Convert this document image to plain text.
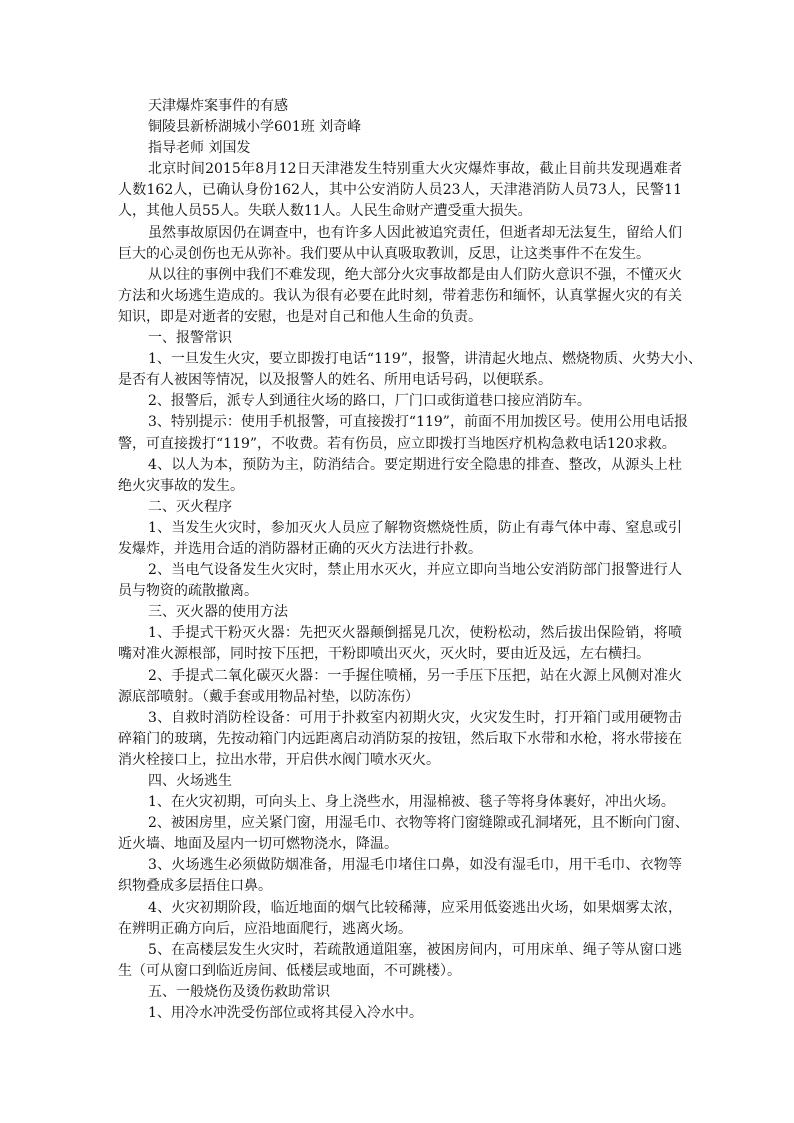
天津爆炸案事件的有感
铜陵县新桥湖城小学601班 刘奇峰
指导老师 刘国发
北京时间2015年8月12日天津港发生特别重大火灾爆炸事故，截止目前共发现遇难者
人数162人，已确认身份162人，其中公安消防人员23人，天津港消防人员73人，民警11
人，其他人员55人。失联人数11人。人民生命财产遭受重大损失。
虽然事故原因仍在调查中，也有许多人因此被追究责任，但逝者却无法复生，留给人们
巨大的心灵创伤也无从弥补。我们要从中认真吸取教训，反思，让这类事件不在发生。
从以往的事例中我们不难发现，绝大部分火灾事故都是由人们防火意识不强，不懂灭火
方法和火场逃生造成的。我认为很有必要在此时刻，带着悲伤和缅怀，认真掌握火灾的有关
知识，即是对逝者的安慰，也是对自己和他人生命的负责。
一、报警常识
1、一旦发生火灾，要立即拨打电话“119”，报警，讲清起火地点、燃烧物质、火势大小、
是否有人被困等情况，以及报警人的姓名、所用电话号码，以便联系。
2、报警后，派专人到通往火场的路口，厂门口或街道巷口接应消防车。
3、特别提示：使用手机报警，可直接拨打“119”，前面不用加拨区号。使用公用电话报
警，可直接拨打“119”，不收费。若有伤员，应立即拨打当地医疗机构急救电话120求救。
4、以人为本，预防为主，防消结合。要定期进行安全隐患的排查、整改，从源头上杜
绝火灾事故的发生。
二、灭火程序
1、当发生火灾时，参加灭火人员应了解物资燃烧性质，防止有毒气体中毒、窒息或引
发爆炸，并选用合适的消防器材正确的灭火方法进行扑救。
2、当电气设备发生火灾时，禁止用水灭火，并应立即向当地公安消防部门报警进行人
员与物资的疏散撤离。
三、灭火器的使用方法
1、手提式干粉灭火器：先把灭火器颠倒摇晃几次，使粉松动，然后拔出保险销，将喷
嘴对准火源根部，同时按下压把，干粉即喷出灭火，灭火时，要由近及远，左右横扫。
2、手提式二氧化碳灭火器：一手握住喷桶，另一手压下压把，站在火源上风侧对准火
源底部喷射。（戴手套或用物品衬垫，以防冻伤）
3、自救时消防栓设备：可用于扑救室内初期火灾，火灾发生时，打开箱门或用硬物击
碎箱门的玻璃，先按动箱门内远距离启动消防泵的按钮，然后取下水带和水枪，将水带接在
消火栓接口上，拉出水带，开启供水阀门喷水灭火。
四、火场逃生
1、在火灾初期，可向头上、身上浇些水，用湿棉被、毯子等将身体裹好，冲出火场。
2、被困房里，应关紧门窗，用湿毛巾、衣物等将门窗缝隙或孔洞堵死，且不断向门窗、
近火墙、地面及屋内一切可燃物浇水，降温。
3、火场逃生必须做防烟准备，用湿毛巾堵住口鼻，如没有湿毛巾，用干毛巾、衣物等
织物叠成多层捂住口鼻。
4、火灾初期阶段，临近地面的烟气比较稀薄，应采用低姿逃出火场，如果烟雾太浓，
在辨明正确方向后，应沿地面爬行，逃离火场。
5、在高楼层发生火灾时，若疏散通道阻塞，被困房间内，可用床单、绳子等从窗口逃
生（可从窗口到临近房间、低楼层或地面，不可跳楼）。
五、一般烧伤及烫伤救助常识
1、用冷水冲洗受伤部位或将其侵入冷水中。
